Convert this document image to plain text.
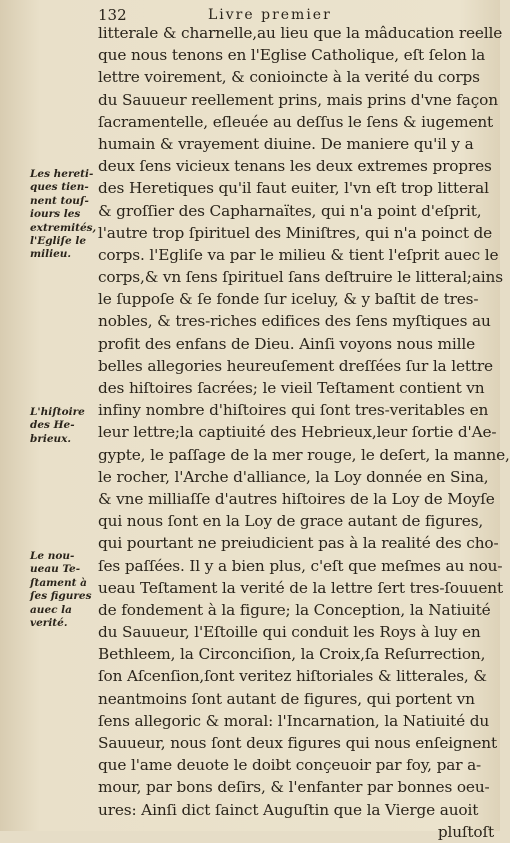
132	Livre premier
Les hereti-
ques tien-
nent touſ-
iours les
extremités,
l'Egliſe le
milieu.
L'hiſtoire
des He-
brieux.
Le nou-
ueau Te-
ſtament à
ſes figures
auec la
verité.
litterale & charnelle,au lieu que la mâducation reelle
que nous tenons en l'Eglise Catholique, eſt ſelon la
lettre voirement, & conioincte à la verité du corps
du Sauueur reellement prins, mais prins d'vne façon
ſacramentelle, eſleuée au deſſus le ſens & iugement
humain & vrayement diuine. De maniere qu'il y a
deux ſens vicieux tenans les deux extremes propres
des Heretiques qu'il faut euiter, l'vn eſt trop litteral
& groſſier des Capharnaïtes, qui n'a point d'eſprit,
l'autre trop ſpirituel des Miniſtres, qui n'a poinct de
corps. l'Egliſe va par le milieu & tient l'eſprit auec le
corps,& vn ſens ſpirituel ſans deſtruire le litteral;ains
le ſuppoſe & ſe fonde ſur iceluy, & y baſtit de tres-
nobles, & tres-riches edifices des ſens myſtiques au
profit des enfans de Dieu. Ainſi voyons nous mille
belles allegories heureuſement dreſſées ſur la lettre
des hiſtoires ſacrées; le vieil Teſtament contient vn
infiny nombre d'hiſtoires qui ſont tres-veritables en
leur lettre;la captiuité des Hebrieux,leur ſortie d'Ae-
gypte, le paſſage de la mer rouge, le deſert, la manne,
le rocher, l'Arche d'alliance, la Loy donnée en Sina,
& vne milliaſſe d'autres hiſtoires de la Loy de Moyſe
qui nous ſont en la Loy de grace autant de figures,
qui pourtant ne preiudicient pas à la realité des cho-
ſes paſſées. Il y a bien plus, c'eſt que meſmes au nou-
ueau Teſtament la verité de la lettre ſert tres-ſouuent
de fondement à la figure; la Conception, la Natiuité
du Sauueur, l'Eſtoille qui conduit les Roys à luy en
Bethleem, la Circonciſion, la Croix,ſa Reſurrection,
ſon Aſcenſion,ſont veritez hiſtoriales & litterales, &
neantmoins ſont autant de figures, qui portent vn
ſens allegoric & moral: l'Incarnation, la Natiuité du
Sauueur, nous ſont deux figures qui nous enſeignent
que l'ame deuote le doibt conçeuoir par foy, par a-
mour, par bons deſirs, & l'enfanter par bonnes oeu-
ures: Ainſi dict ſainct Auguſtin que la Vierge auoit
pluſtoſt
